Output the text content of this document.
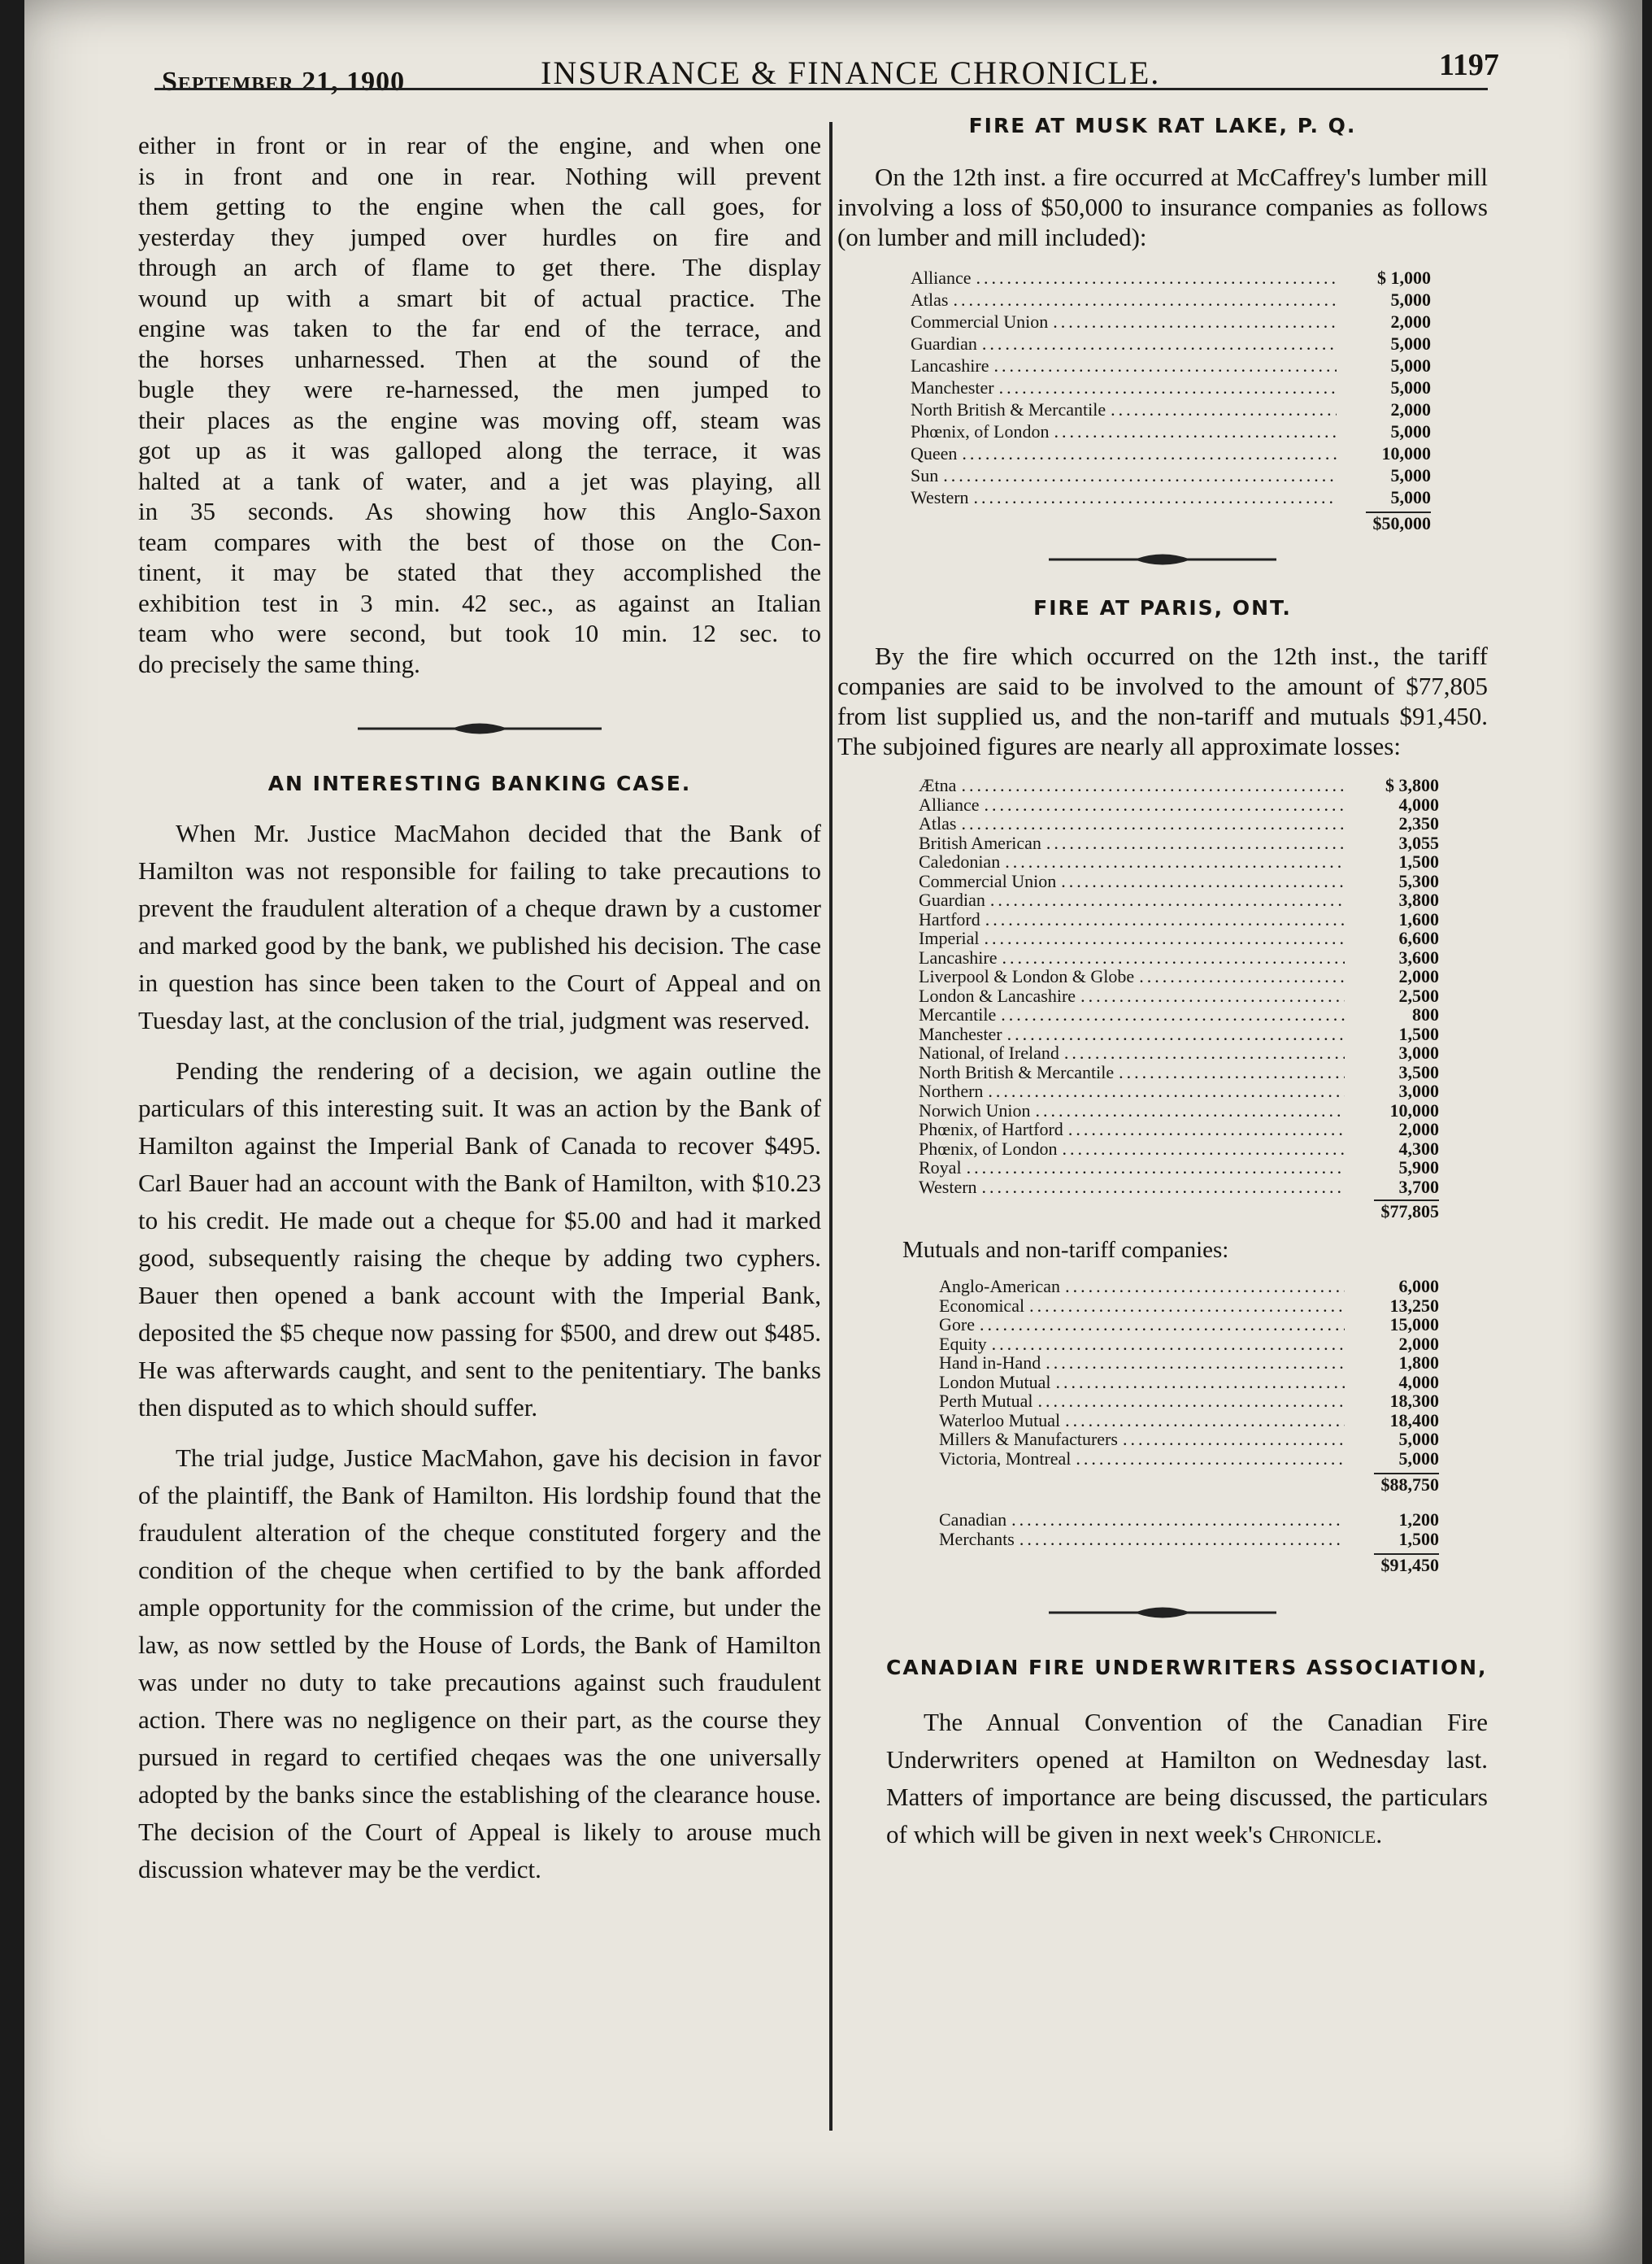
September 21, 1900	INSURANCE & FINANCE CHRONICLE.	1197
either in front or in rear of the engine, and when one
is in front and one in rear. Nothing will prevent
them getting to the engine when the call goes, for
yesterday they jumped over hurdles on fire and
through an arch of flame to get there. The display
wound up with a smart bit of actual practice. The
engine was taken to the far end of the terrace, and
the horses unharnessed. Then at the sound of the
bugle they were re-harnessed, the men jumped to
their places as the engine was moving off, steam was
got up as it was galloped along the terrace, it was
halted at a tank of water, and a jet was playing, all
in 35 seconds. As showing how this Anglo-Saxon
team compares with the best of those on the Con-
tinent, it may be stated that they accomplished the
exhibition test in 3 min. 42 sec., as against an Italian
team who were second, but took 10 min. 12 sec. to
do precisely the same thing.
AN INTERESTING BANKING CASE.

When Mr. Justice MacMahon decided that the Bank of Hamilton was not responsible for failing to take precautions to prevent the fraudulent alteration of a cheque drawn by a customer and marked good by the bank, we published his decision. The case in question has since been taken to the Court of Appeal and on Tuesday last, at the conclusion of the trial, judgment was reserved.

Pending the rendering of a decision, we again outline the particulars of this interesting suit. It was an action by the Bank of Hamilton against the Imperial Bank of Canada to recover $495. Carl Bauer had an account with the Bank of Hamilton, with $10.23 to his credit. He made out a cheque for $5.00 and had it marked good, subsequently raising the cheque by adding two cyphers. Bauer then opened a bank account with the Imperial Bank, deposited the $5 cheque now passing for $500, and drew out $485. He was afterwards caught, and sent to the penitentiary. The banks then disputed as to which should suffer.

The trial judge, Justice MacMahon, gave his decision in favor of the plaintiff, the Bank of Hamilton. His lordship found that the fraudulent alteration of the cheque constituted forgery and the condition of the cheque when certified to by the bank afforded ample opportunity for the commission of the crime, but under the law, as now settled by the House of Lords, the Bank of Hamilton was under no duty to take precautions against such fraudulent action. There was no negligence on their part, as the course they pursued in regard to certified cheqaes was the one universally adopted by the banks since the establishing of the clearance house. The decision of the Court of Appeal is likely to arouse much discussion whatever may be the verdict.

FIRE AT MUSK RAT LAKE, P. Q.

On the 12th inst. a fire occurred at McCaffrey's lumber mill involving a loss of $50,000 to insurance companies as follows (on lumber and mill included):

Alliance .....	$ 1,000
Atlas .....	5,000
Commercial Union .....	2,000
Guardian .....	5,000
Lancashire .....	5,000
Manchester .....	5,000
North British & Mercantile .....	2,000
Phœnix, of London .....	5,000
Queen .....	10,000
Sun .....	5,000
Western .....	5,000
$50,000
FIRE AT PARIS, ONT.

By the fire which occurred on the 12th inst., the tariff companies are said to be involved to the amount of $77,805 from list supplied us, and the non-tariff and mutuals $91,450. The subjoined figures are nearly all approximate losses:

Ætna .....	$ 3,800
Alliance .....	4,000
Atlas .....	2,350
British American .....	3,055
Caledonian .....	1,500
Commercial Union .....	5,300
Guardian .....	3,800
Hartford .....	1,600
Imperial .....	6,600
Lancashire .....	3,600
Liverpool & London & Globe .....	2,000
London & Lancashire .....	2,500
Mercantile .....	800
Manchester .....	1,500
National, of Ireland .....	3,000
North British & Mercantile .....	3,500
Northern .....	3,000
Norwich Union .....	10,000
Phœnix, of Hartford .....	2,000
Phœnix, of London .....	4,300
Royal .....	5,900
Western .....	3,700
$77,805
Mutuals and non-tariff companies:
Anglo-American .....	6,000
Economical .....	13,250
Gore .....	15,000
Equity .....	2,000
Hand in-Hand .....	1,800
London Mutual .....	4,000
Perth Mutual .....	18,300
Waterloo Mutual .....	18,400
Millers & Manufacturers .....	5,000
Victoria, Montreal .....	5,000
$88,750
Canadian .....	1,200
Merchants .....	1,500
$91,450
CANADIAN FIRE UNDERWRITERS ASSOCIATION,

The Annual Convention of the Canadian Fire Underwriters opened at Hamilton on Wednesday last. Matters of importance are being discussed, the particulars of which will be given in next week's Chronicle.
